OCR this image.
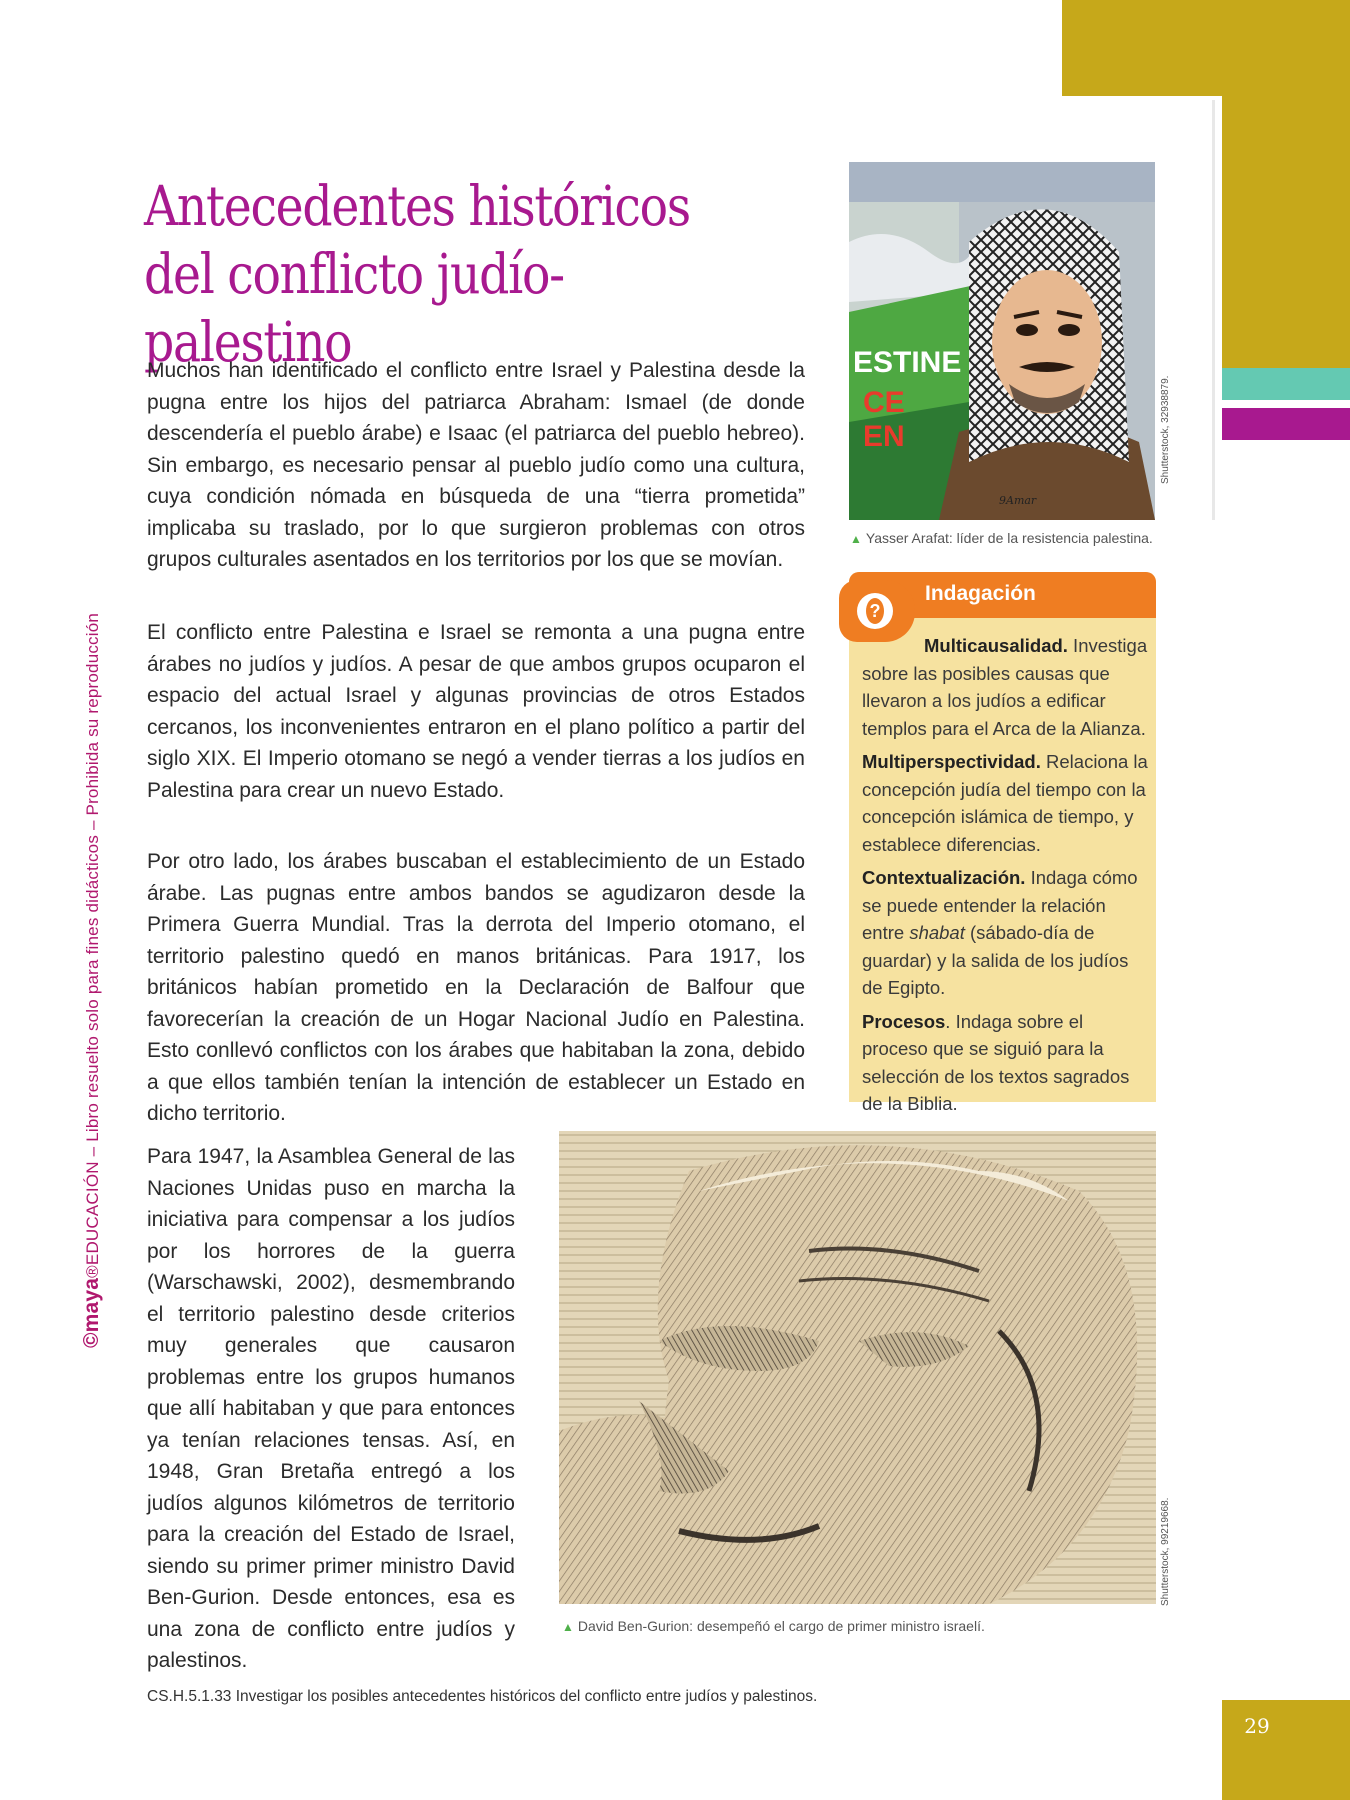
©maya®EDUCACIÓN – Libro resuelto solo para fines didácticos – Prohibida su reproducción
Antecedentes históricos
del conflicto judío-palestino

Muchos han identificado el conflicto entre Israel y Palestina desde la pugna entre los hijos del patriarca Abraham: Ismael (de donde descendería el pueblo árabe) e Isaac (el patriarca del pueblo hebreo). Sin embargo, es necesario pensar al pueblo judío como una cultura, cuya condición nómada en búsqueda de una “tierra prometida” implicaba su traslado, por lo que surgieron problemas con otros grupos culturales asentados en los territorios por los que se movían.

El conflicto entre Palestina e Israel se remonta a una pugna entre árabes no judíos y judíos. A pesar de que ambos grupos ocuparon el espacio del actual Israel y algunas provincias de otros Estados cercanos, los inconvenientes entraron en el plano político a partir del siglo XIX. El Imperio otomano se negó a vender tierras a los judíos en Palestina para crear un nuevo Estado.

Por otro lado, los árabes buscaban el establecimiento de un Estado árabe. Las pugnas entre ambos bandos se agudizaron desde la Primera Guerra Mundial. Tras la derrota del Imperio otomano, el territorio palestino quedó en manos británicas. Para 1917, los británicos habían prometido en la Declaración de Balfour que favorecerían la creación de un Hogar Nacional Judío en Palestina. Esto conllevó conflictos con los árabes que habitaban la zona, debido a que ellos también tenían la intención de establecer un Estado en dicho territorio.

Para 1947, la Asamblea General de las Naciones Unidas puso en marcha la iniciativa para compensar a los judíos por los horrores de la guerra (Warschawski, 2002), desmembrando el territorio palestino desde criterios muy generales que causaron problemas entre los grupos humanos que allí habitaban y que para entonces ya tenían relaciones tensas. Así, en 1948, Gran Bretaña entregó a los judíos algunos kilómetros de territorio para la creación del Estado de Israel, siendo su primer primer ministro David Ben-Gurion. Desde entonces, esa es una zona de conflicto entre judíos y palestinos.

ESTINE
CE
EN
9Amar
Shutterstock, 32938879.
▲ Yasser Arafat: líder de la resistencia palestina.
?
Indagación

Multicausalidad. Investiga sobre las posibles causas que llevaron a los judíos a edificar templos para el Arca de la Alianza.

Multiperspectividad. Relaciona la concepción judía del tiempo con la concepción islámica de tiempo, y establece diferencias.

Contextualización. Indaga cómo se puede entender la relación entre shabat (sábado-día de guardar) y la salida de los judíos de Egipto.

Procesos. Indaga sobre el proceso que se siguió para la selección de los textos sagrados de la Biblia.

Shutterstock, 99219668.
▲ David Ben-Gurion: desempeñó el cargo de primer ministro israelí.
CS.H.5.1.33 Investigar los posibles antecedentes históricos del conflicto entre judíos y palestinos.
29
